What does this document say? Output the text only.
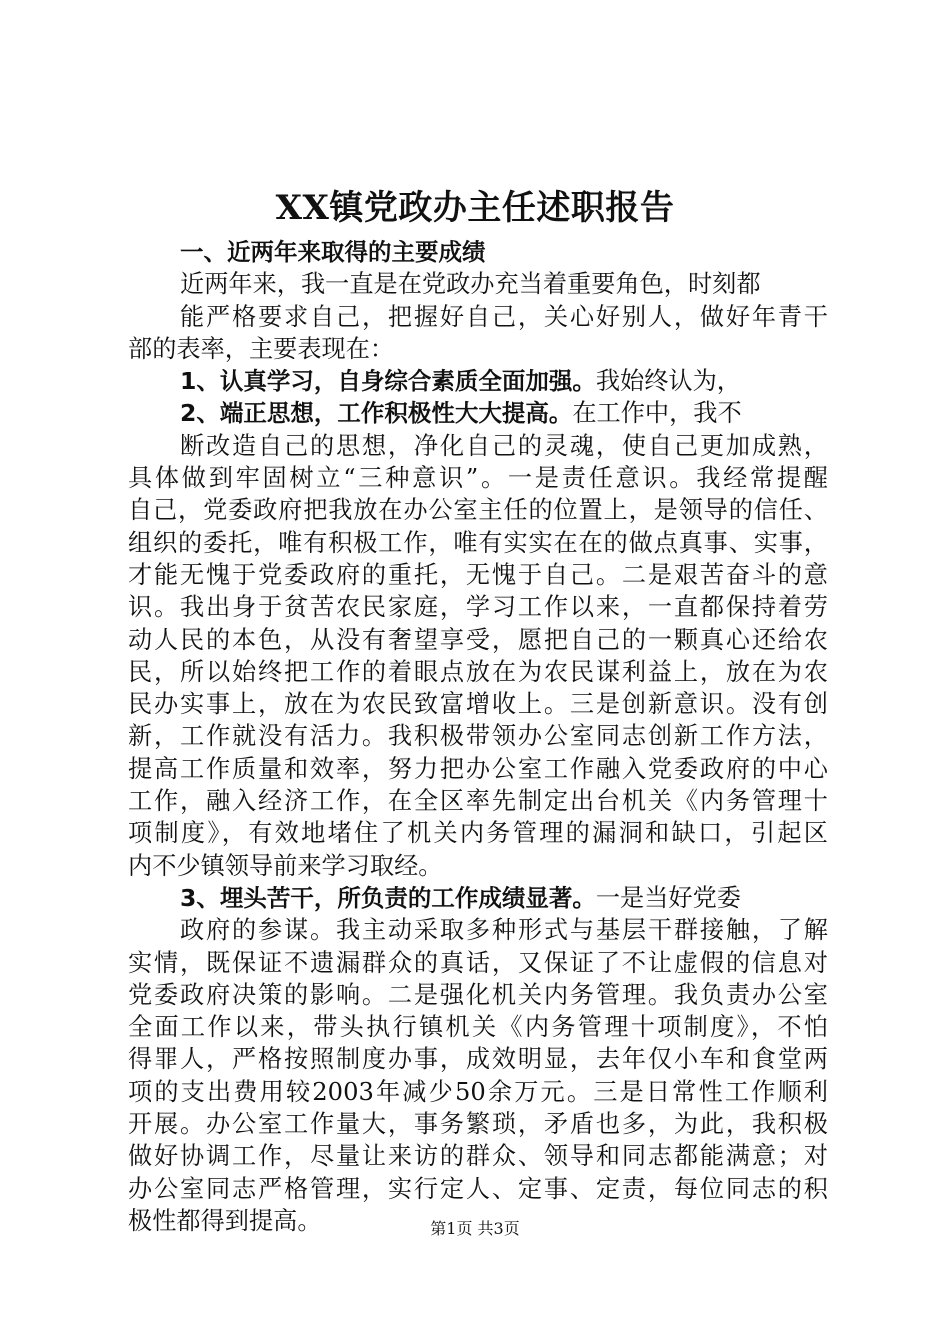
XX镇党政办主任述职报告
一、近两年来取得的主要成绩
近两年来，我一直是在党政办充当着重要角色，时刻都
能严格要求自己，把握好自己，关心好别人，做好年青干
部的表率，主要表现在：
1、认真学习，自身综合素质全面加强。我始终认为，
2、端正思想，工作积极性大大提高。在工作中，我不
断改造自己的思想，净化自己的灵魂，使自己更加成熟，
具体做到牢固树立“三种意识”。一是责任意识。我经常提醒
自己，党委政府把我放在办公室主任的位置上，是领导的信任、
组织的委托，唯有积极工作，唯有实实在在的做点真事、实事，
才能无愧于党委政府的重托，无愧于自己。二是艰苦奋斗的意
识。我出身于贫苦农民家庭，学习工作以来，一直都保持着劳
动人民的本色，从没有奢望享受，愿把自己的一颗真心还给农
民，所以始终把工作的着眼点放在为农民谋利益上，放在为农
民办实事上，放在为农民致富增收上。三是创新意识。没有创
新，工作就没有活力。我积极带领办公室同志创新工作方法，
提高工作质量和效率，努力把办公室工作融入党委政府的中心
工作，融入经济工作，在全区率先制定出台机关《内务管理十
项制度》，有效地堵住了机关内务管理的漏洞和缺口，引起区
内不少镇领导前来学习取经。
3、埋头苦干，所负责的工作成绩显著。一是当好党委
政府的参谋。我主动采取多种形式与基层干群接触，了解
实情，既保证不遗漏群众的真话，又保证了不让虚假的信息对
党委政府决策的影响。二是强化机关内务管理。我负责办公室
全面工作以来，带头执行镇机关《内务管理十项制度》，不怕
得罪人，严格按照制度办事，成效明显，去年仅小车和食堂两
项的支出费用较2003年减少50余万元。三是日常性工作顺利
开展。办公室工作量大，事务繁琐，矛盾也多，为此，我积极
做好协调工作，尽量让来访的群众、领导和同志都能满意；对
办公室同志严格管理，实行定人、定事、定责，每位同志的积
极性都得到提高。	第1页 共3页
